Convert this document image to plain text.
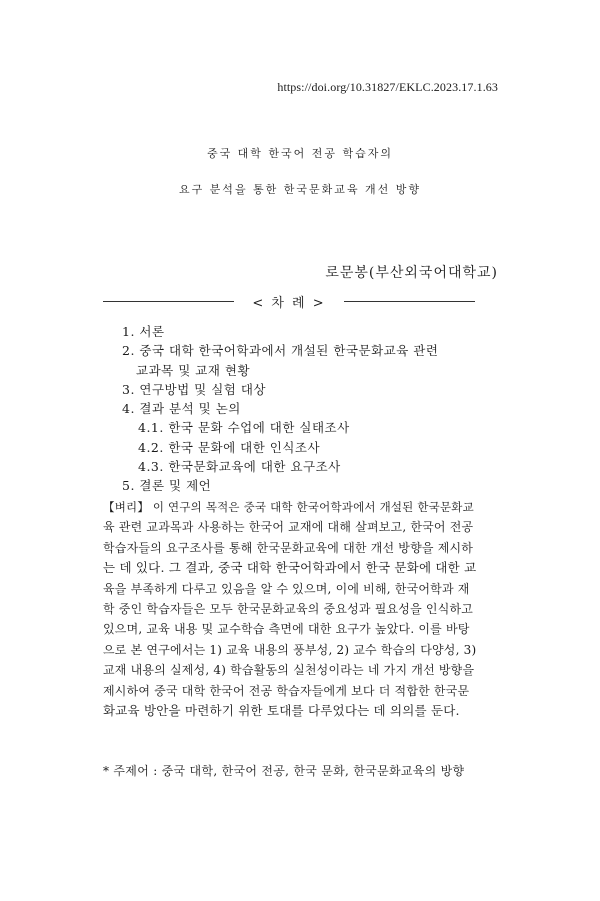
https://doi.org/10.31827/EKLC.2023.17.1.63
중국 대학 한국어 전공 학습자의
요구 분석을 통한 한국문화교육 개선 방향
로문봉(부산외국어대학교)
< 차 례 >
1. 서론
2. 중국 대학 한국어학과에서 개설된 한국문화교육 관련
교과목 및 교재 현황
3. 연구방법 및 실험 대상
4. 결과 분석 및 논의
4.1. 한국 문화 수업에 대한 실태조사
4.2. 한국 문화에 대한 인식조사
4.3. 한국문화교육에 대한 요구조사
5. 결론 및 제언
【벼리】 이 연구의 목적은 중국 대학 한국어학과에서 개설된 한국문화교
육 관련 교과목과 사용하는 한국어 교재에 대해 살펴보고, 한국어 전공
학습자들의 요구조사를 통해 한국문화교육에 대한 개선 방향을 제시하
는 데 있다. 그 결과, 중국 대학 한국어학과에서 한국 문화에 대한 교
육을 부족하게 다루고 있음을 알 수 있으며, 이에 비해, 한국어학과 재
학 중인 학습자들은 모두 한국문화교육의 중요성과 필요성을 인식하고
있으며, 교육 내용 및 교수학습 측면에 대한 요구가 높았다. 이를 바탕
으로 본 연구에서는 1) 교육 내용의 풍부성, 2) 교수 학습의 다양성, 3)
교재 내용의 실제성, 4) 학습활동의 실천성이라는 네 가지 개선 방향을
제시하여 중국 대학 한국어 전공 학습자들에게 보다 더 적합한 한국문
화교육 방안을 마련하기 위한 토대를 다루었다는 데 의의를 둔다.
* 주제어 : 중국 대학, 한국어 전공, 한국 문화, 한국문화교육의 방향
